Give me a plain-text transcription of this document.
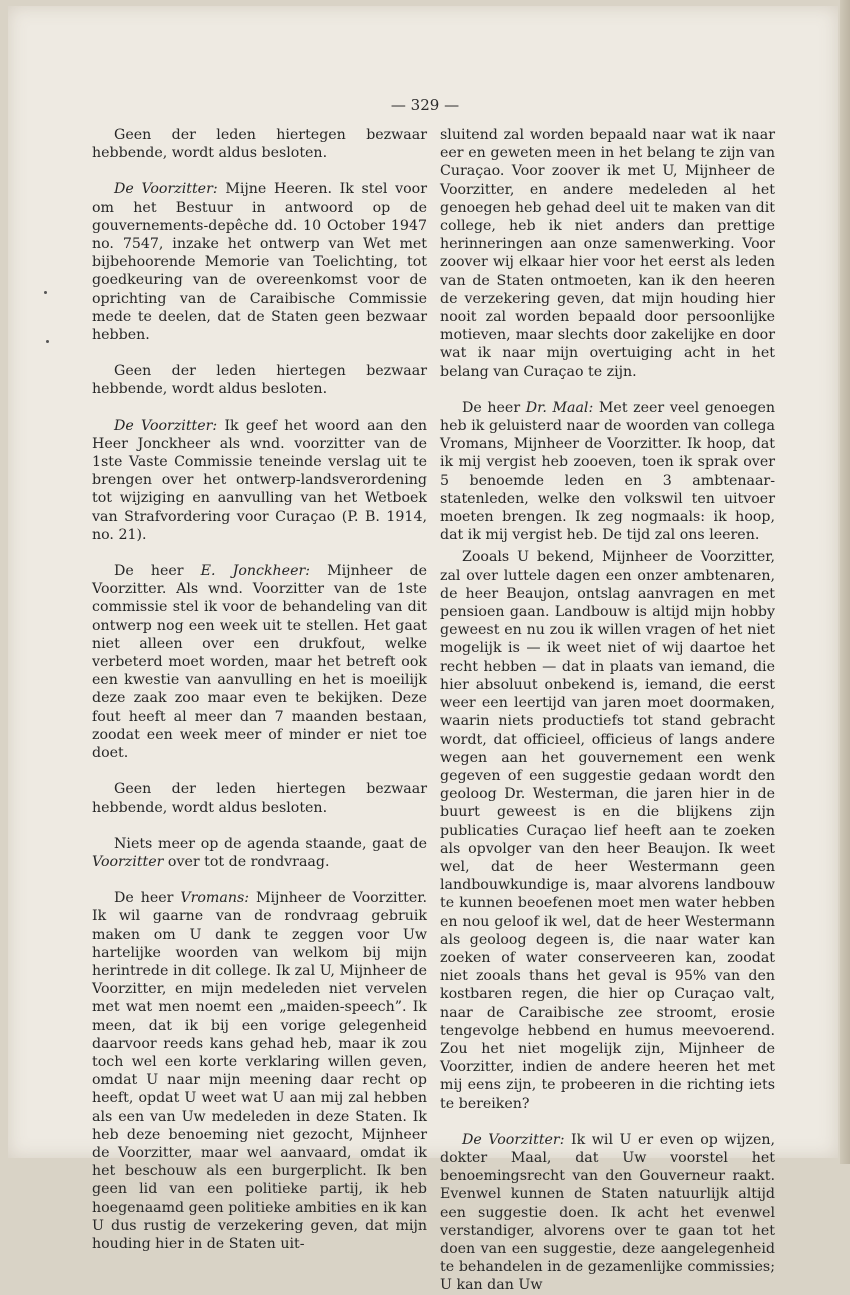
— 329 —

Geen der leden hiertegen bezwaar hebbende, wordt aldus besloten.

De Voorzitter: Mijne Heeren. Ik stel voor om het Bestuur in antwoord op de gouvernements-depêche dd. 10 October 1947 no. 7547, inzake het ontwerp van Wet met bijbehoorende Memorie van Toelichting, tot goedkeuring van de overeenkomst voor de oprichting van de Caraibische Commissie mede te deelen, dat de Staten geen bezwaar hebben.

Geen der leden hiertegen bezwaar hebbende, wordt aldus besloten.

De Voorzitter: Ik geef het woord aan den Heer Jonckheer als wnd. voorzitter van de 1ste Vaste Commissie teneinde verslag uit te brengen over het ontwerp-landsverordening tot wijziging en aanvulling van het Wetboek van Strafvordering voor Curaçao (P. B. 1914, no. 21).

De heer E. Jonckheer: Mijnheer de Voorzitter. Als wnd. Voorzitter van de 1ste commissie stel ik voor de behandeling van dit ontwerp nog een week uit te stellen. Het gaat niet alleen over een drukfout, welke verbeterd moet worden, maar het betreft ook een kwestie van aanvulling en het is moeilijk deze zaak zoo maar even te bekijken. Deze fout heeft al meer dan 7 maanden bestaan, zoodat een week meer of minder er niet toe doet.

Geen der leden hiertegen bezwaar hebbende, wordt aldus besloten.

Niets meer op de agenda staande, gaat de Voorzitter over tot de rondvraag.

De heer Vromans: Mijnheer de Voorzitter. Ik wil gaarne van de rondvraag gebruik maken om U dank te zeggen voor Uw hartelijke woorden van welkom bij mijn herintrede in dit college. Ik zal U, Mijnheer de Voorzitter, en mijn medeleden niet vervelen met wat men noemt een „maiden-speech”. Ik meen, dat ik bij een vorige gelegenheid daarvoor reeds kans gehad heb, maar ik zou toch wel een korte verklaring willen geven, omdat U naar mijn meening daar recht op heeft, opdat U weet wat U aan mij zal hebben als een van Uw medeleden in deze Staten. Ik heb deze benoeming niet gezocht, Mijnheer de Voorzitter, maar wel aanvaard, omdat ik het beschouw als een burgerplicht. Ik ben geen lid van een politieke partij, ik heb hoegenaamd geen politieke ambities en ik kan U dus rustig de verzekering geven, dat mijn houding hier in de Staten uit-

sluitend zal worden bepaald naar wat ik naar eer en geweten meen in het belang te zijn van Curaçao. Voor zoover ik met U, Mijnheer de Voorzitter, en andere medeleden al het genoegen heb gehad deel uit te maken van dit college, heb ik niet anders dan prettige herinneringen aan onze samenwerking. Voor zoover wij elkaar hier voor het eerst als leden van de Staten ontmoeten, kan ik den heeren de verzekering geven, dat mijn houding hier nooit zal worden bepaald door persoonlijke motieven, maar slechts door zakelijke en door wat ik naar mijn overtuiging acht in het belang van Curaçao te zijn.

De heer Dr. Maal: Met zeer veel genoegen heb ik geluisterd naar de woorden van collega Vromans, Mijnheer de Voorzitter. Ik hoop, dat ik mij vergist heb zooeven, toen ik sprak over 5 benoemde leden en 3 ambtenaar-statenleden, welke den volkswil ten uitvoer moeten brengen. Ik zeg nogmaals: ik hoop, dat ik mij vergist heb. De tijd zal ons leeren.

Zooals U bekend, Mijnheer de Voorzitter, zal over luttele dagen een onzer ambtenaren, de heer Beaujon, ontslag aanvragen en met pensioen gaan. Landbouw is altijd mijn hobby geweest en nu zou ik willen vragen of het niet mogelijk is — ik weet niet of wij daartoe het recht hebben — dat in plaats van iemand, die hier absoluut onbekend is, iemand, die eerst weer een leertijd van jaren moet doormaken, waarin niets productiefs tot stand gebracht wordt, dat officieel, officieus of langs andere wegen aan het gouvernement een wenk gegeven of een suggestie gedaan wordt den geoloog Dr. Westerman, die jaren hier in de buurt geweest is en die blijkens zijn publicaties Curaçao lief heeft aan te zoeken als opvolger van den heer Beaujon. Ik weet wel, dat de heer Westermann geen landbouwkundige is, maar alvorens landbouw te kunnen beoefenen moet men water hebben en nou geloof ik wel, dat de heer Westermann als geoloog degeen is, die naar water kan zoeken of water conserveeren kan, zoodat niet zooals thans het geval is 95% van den kostbaren regen, die hier op Curaçao valt, naar de Caraibische zee stroomt, erosie tengevolge hebbend en humus meevoerend. Zou het niet mogelijk zijn, Mijnheer de Voorzitter, indien de andere heeren het met mij eens zijn, te probeeren in die richting iets te bereiken?

De Voorzitter: Ik wil U er even op wijzen, dokter Maal, dat Uw voorstel het benoemingsrecht van den Gouverneur raakt. Evenwel kunnen de Staten natuurlijk altijd een suggestie doen. Ik acht het evenwel verstandiger, alvorens over te gaan tot het doen van een suggestie, deze aangelegenheid te behandelen in de gezamenlijke commissies; U kan dan Uw
